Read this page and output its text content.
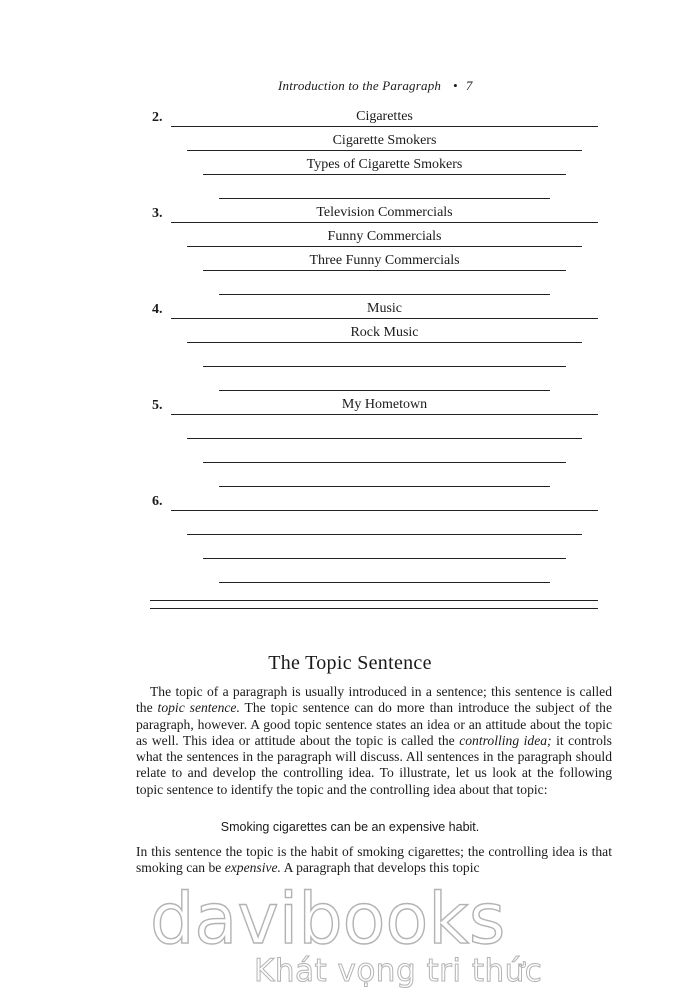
Introduction to the Paragraph • 7
2.	Cigarettes
Cigarette Smokers
Types of Cigarette Smokers
3.	Television Commercials
Funny Commercials
Three Funny Commercials
4.	Music
Rock Music
5.	My Hometown
6.
The Topic Sentence

The topic of a paragraph is usually introduced in a sentence; this sentence is called the topic sentence. The topic sentence can do more than introduce the subject of the paragraph, however. A good topic sentence states an idea or an attitude about the topic as well. This idea or attitude about the topic is called the controlling idea; it controls what the sentences in the paragraph will discuss. All sentences in the paragraph should relate to and develop the controlling idea. To illustrate, let us look at the following topic sentence to identify the topic and the controlling idea about that topic:

Smoking cigarettes can be an expensive habit.

In this sentence the topic is the habit of smoking cigarettes; the controlling idea is that smoking can be expensive. A paragraph that develops this topic

davibooks
Khát vọng tri thức
